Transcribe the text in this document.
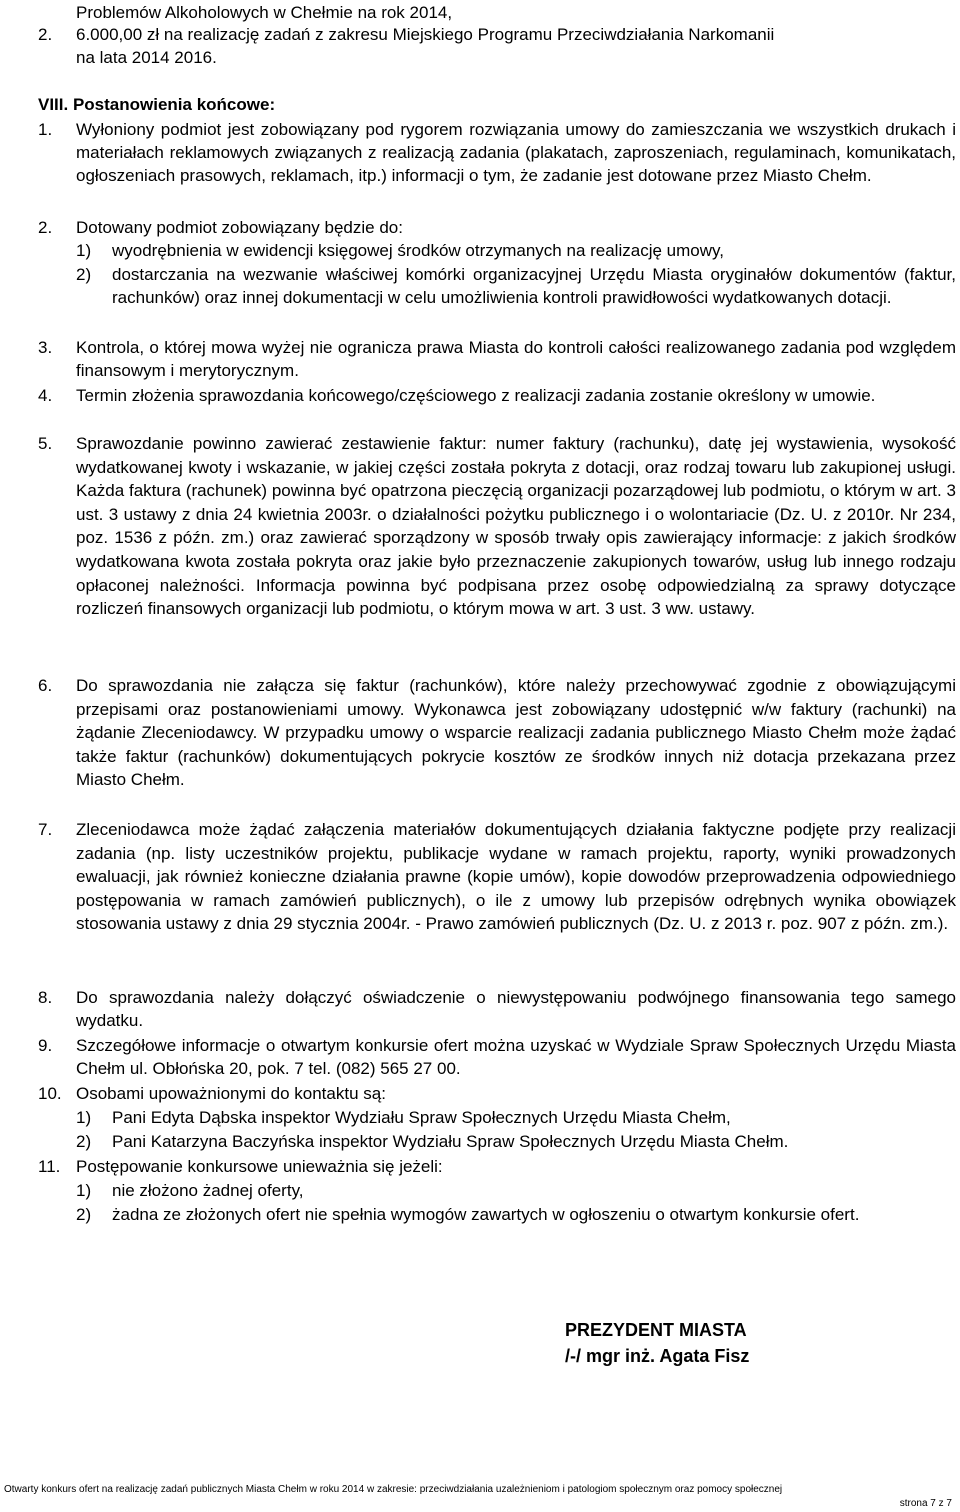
Problemów Alkoholowych w Chełmie na rok 2014,
2. 6.000,00 zł na realizację zadań z zakresu Miejskiego Programu Przeciwdziałania Narkomanii
na lata 2014 2016.
VIII. Postanowienia końcowe:
1. Wyłoniony podmiot jest zobowiązany pod rygorem rozwiązania umowy do zamieszczania we wszystkich drukach i materiałach reklamowych związanych z realizacją zadania (plakatach, zaproszeniach, regulaminach, komunikatach, ogłoszeniach prasowych, reklamach, itp.) informacji o tym, że zadanie jest dotowane przez Miasto Chełm.
2. Dotowany podmiot zobowiązany będzie do:
1) wyodrębnienia w ewidencji księgowej środków otrzymanych na realizację umowy,
2) dostarczania na wezwanie właściwej komórki organizacyjnej Urzędu Miasta oryginałów dokumentów (faktur, rachunków) oraz innej dokumentacji w celu umożliwienia kontroli prawidłowości wydatkowanych dotacji.
3. Kontrola, o której mowa wyżej nie ogranicza prawa Miasta do kontroli całości realizowanego zadania pod względem finansowym i merytorycznym.
4. Termin złożenia sprawozdania końcowego/częściowego z realizacji zadania zostanie określony w umowie.
5. Sprawozdanie powinno zawierać zestawienie faktur: numer faktury (rachunku), datę jej wystawienia, wysokość wydatkowanej kwoty i wskazanie, w jakiej części została pokryta z dotacji, oraz rodzaj towaru lub zakupionej usługi. Każda faktura (rachunek) powinna być opatrzona pieczęcią organizacji pozarządowej lub podmiotu, o którym w art. 3 ust. 3 ustawy z dnia 24 kwietnia 2003r. o działalności pożytku publicznego i o wolontariacie (Dz. U. z 2010r. Nr 234, poz. 1536 z późn. zm.) oraz zawierać sporządzony w sposób trwały opis zawierający informacje: z jakich środków wydatkowana kwota została pokryta oraz jakie było przeznaczenie zakupionych towarów, usług lub innego rodzaju opłaconej należności. Informacja powinna być podpisana przez osobę odpowiedzialną za sprawy dotyczące rozliczeń finansowych organizacji lub podmiotu, o którym mowa w art. 3 ust. 3 ww. ustawy.
6. Do sprawozdania nie załącza się faktur (rachunków), które należy przechowywać zgodnie z obowiązującymi przepisami oraz postanowieniami umowy. Wykonawca jest zobowiązany udostępnić w/w faktury (rachunki) na żądanie Zleceniodawcy. W przypadku umowy o wsparcie realizacji zadania publicznego Miasto Chełm może żądać także faktur (rachunków) dokumentujących pokrycie kosztów ze środków innych niż dotacja przekazana przez Miasto Chełm.
7. Zleceniodawca może żądać załączenia materiałów dokumentujących działania faktyczne podjęte przy realizacji zadania (np. listy uczestników projektu, publikacje wydane w ramach projektu, raporty, wyniki prowadzonych ewaluacji, jak również konieczne działania prawne (kopie umów), kopie dowodów przeprowadzenia odpowiedniego postępowania w ramach zamówień publicznych), o ile z umowy lub przepisów odrębnych wynika obowiązek stosowania ustawy z dnia 29 stycznia 2004r. - Prawo zamówień publicznych (Dz. U. z 2013 r. poz. 907 z późn. zm.).
8. Do sprawozdania należy dołączyć oświadczenie o niewystępowaniu podwójnego finansowania tego samego wydatku.
9. Szczegółowe informacje o otwartym konkursie ofert można uzyskać w Wydziale Spraw Społecznych Urzędu Miasta Chełm ul. Obłońska 20, pok. 7 tel. (082) 565 27 00.
10. Osobami upoważnionymi do kontaktu są:
1) Pani Edyta Dąbska inspektor Wydziału Spraw Społecznych Urzędu Miasta Chełm,
2) Pani Katarzyna Baczyńska inspektor Wydziału Spraw Społecznych Urzędu Miasta Chełm.
11. Postępowanie konkursowe unieważnia się jeżeli:
1) nie złożono żadnej oferty,
2) żadna ze złożonych ofert nie spełnia wymogów zawartych w ogłoszeniu o otwartym konkursie ofert.
PREZYDENT MIASTA
/-/ mgr inż. Agata Fisz
Otwarty konkurs ofert na realizację zadań publicznych Miasta Chełm w roku 2014 w zakresie: przeciwdziałania uzależnieniom i patologiom społecznym oraz pomocy społecznej
strona 7 z 7
